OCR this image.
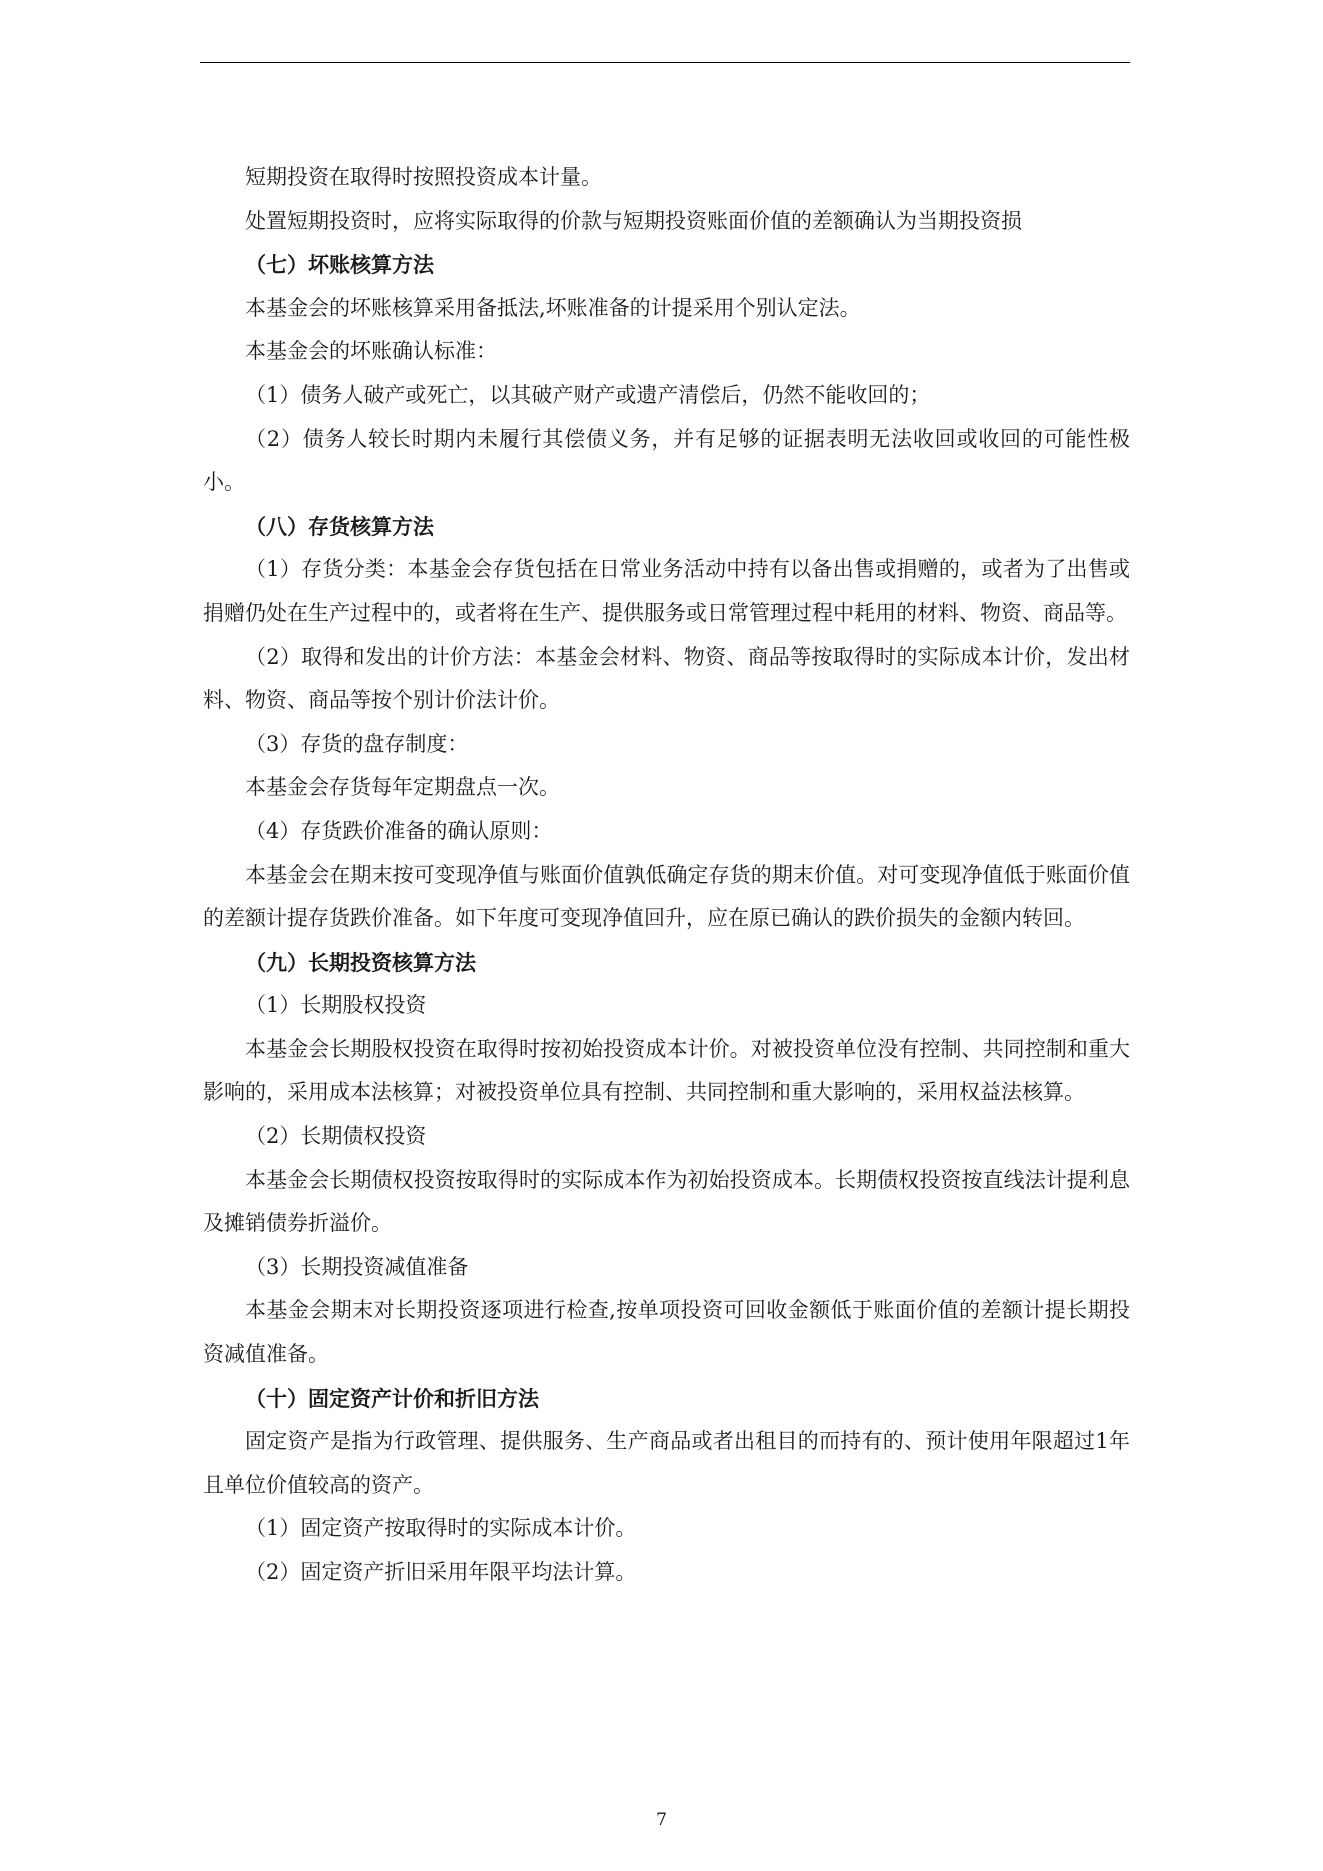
短期投资在取得时按照投资成本计量。

处置短期投资时，应将实际取得的价款与短期投资账面价值的差额确认为当期投资损

（七）坏账核算方法

本基金会的坏账核算采用备抵法,坏账准备的计提采用个别认定法。

本基金会的坏账确认标准：

（1）债务人破产或死亡，以其破产财产或遗产清偿后，仍然不能收回的；

（2）债务人较长时期内未履行其偿债义务，并有足够的证据表明无法收回或收回的可能性极小。

（八）存货核算方法

（1）存货分类：本基金会存货包括在日常业务活动中持有以备出售或捐赠的，或者为了出售或捐赠仍处在生产过程中的，或者将在生产、提供服务或日常管理过程中耗用的材料、物资、商品等。

（2）取得和发出的计价方法：本基金会材料、物资、商品等按取得时的实际成本计价，发出材料、物资、商品等按个别计价法计价。

（3）存货的盘存制度：

本基金会存货每年定期盘点一次。

（4）存货跌价准备的确认原则：

本基金会在期末按可变现净值与账面价值孰低确定存货的期末价值。对可变现净值低于账面价值的差额计提存货跌价准备。如下年度可变现净值回升，应在原已确认的跌价损失的金额内转回。

（九）长期投资核算方法

（1）长期股权投资

本基金会长期股权投资在取得时按初始投资成本计价。对被投资单位没有控制、共同控制和重大影响的，采用成本法核算；对被投资单位具有控制、共同控制和重大影响的，采用权益法核算。

（2）长期债权投资

本基金会长期债权投资按取得时的实际成本作为初始投资成本。长期债权投资按直线法计提利息及摊销债券折溢价。

（3）长期投资减值准备

本基金会期末对长期投资逐项进行检查,按单项投资可回收金额低于账面价值的差额计提长期投资减值准备。

（十）固定资产计价和折旧方法

固定资产是指为行政管理、提供服务、生产商品或者出租目的而持有的、预计使用年限超过1年且单位价值较高的资产。

（1）固定资产按取得时的实际成本计价。

（2）固定资产折旧采用年限平均法计算。

7
